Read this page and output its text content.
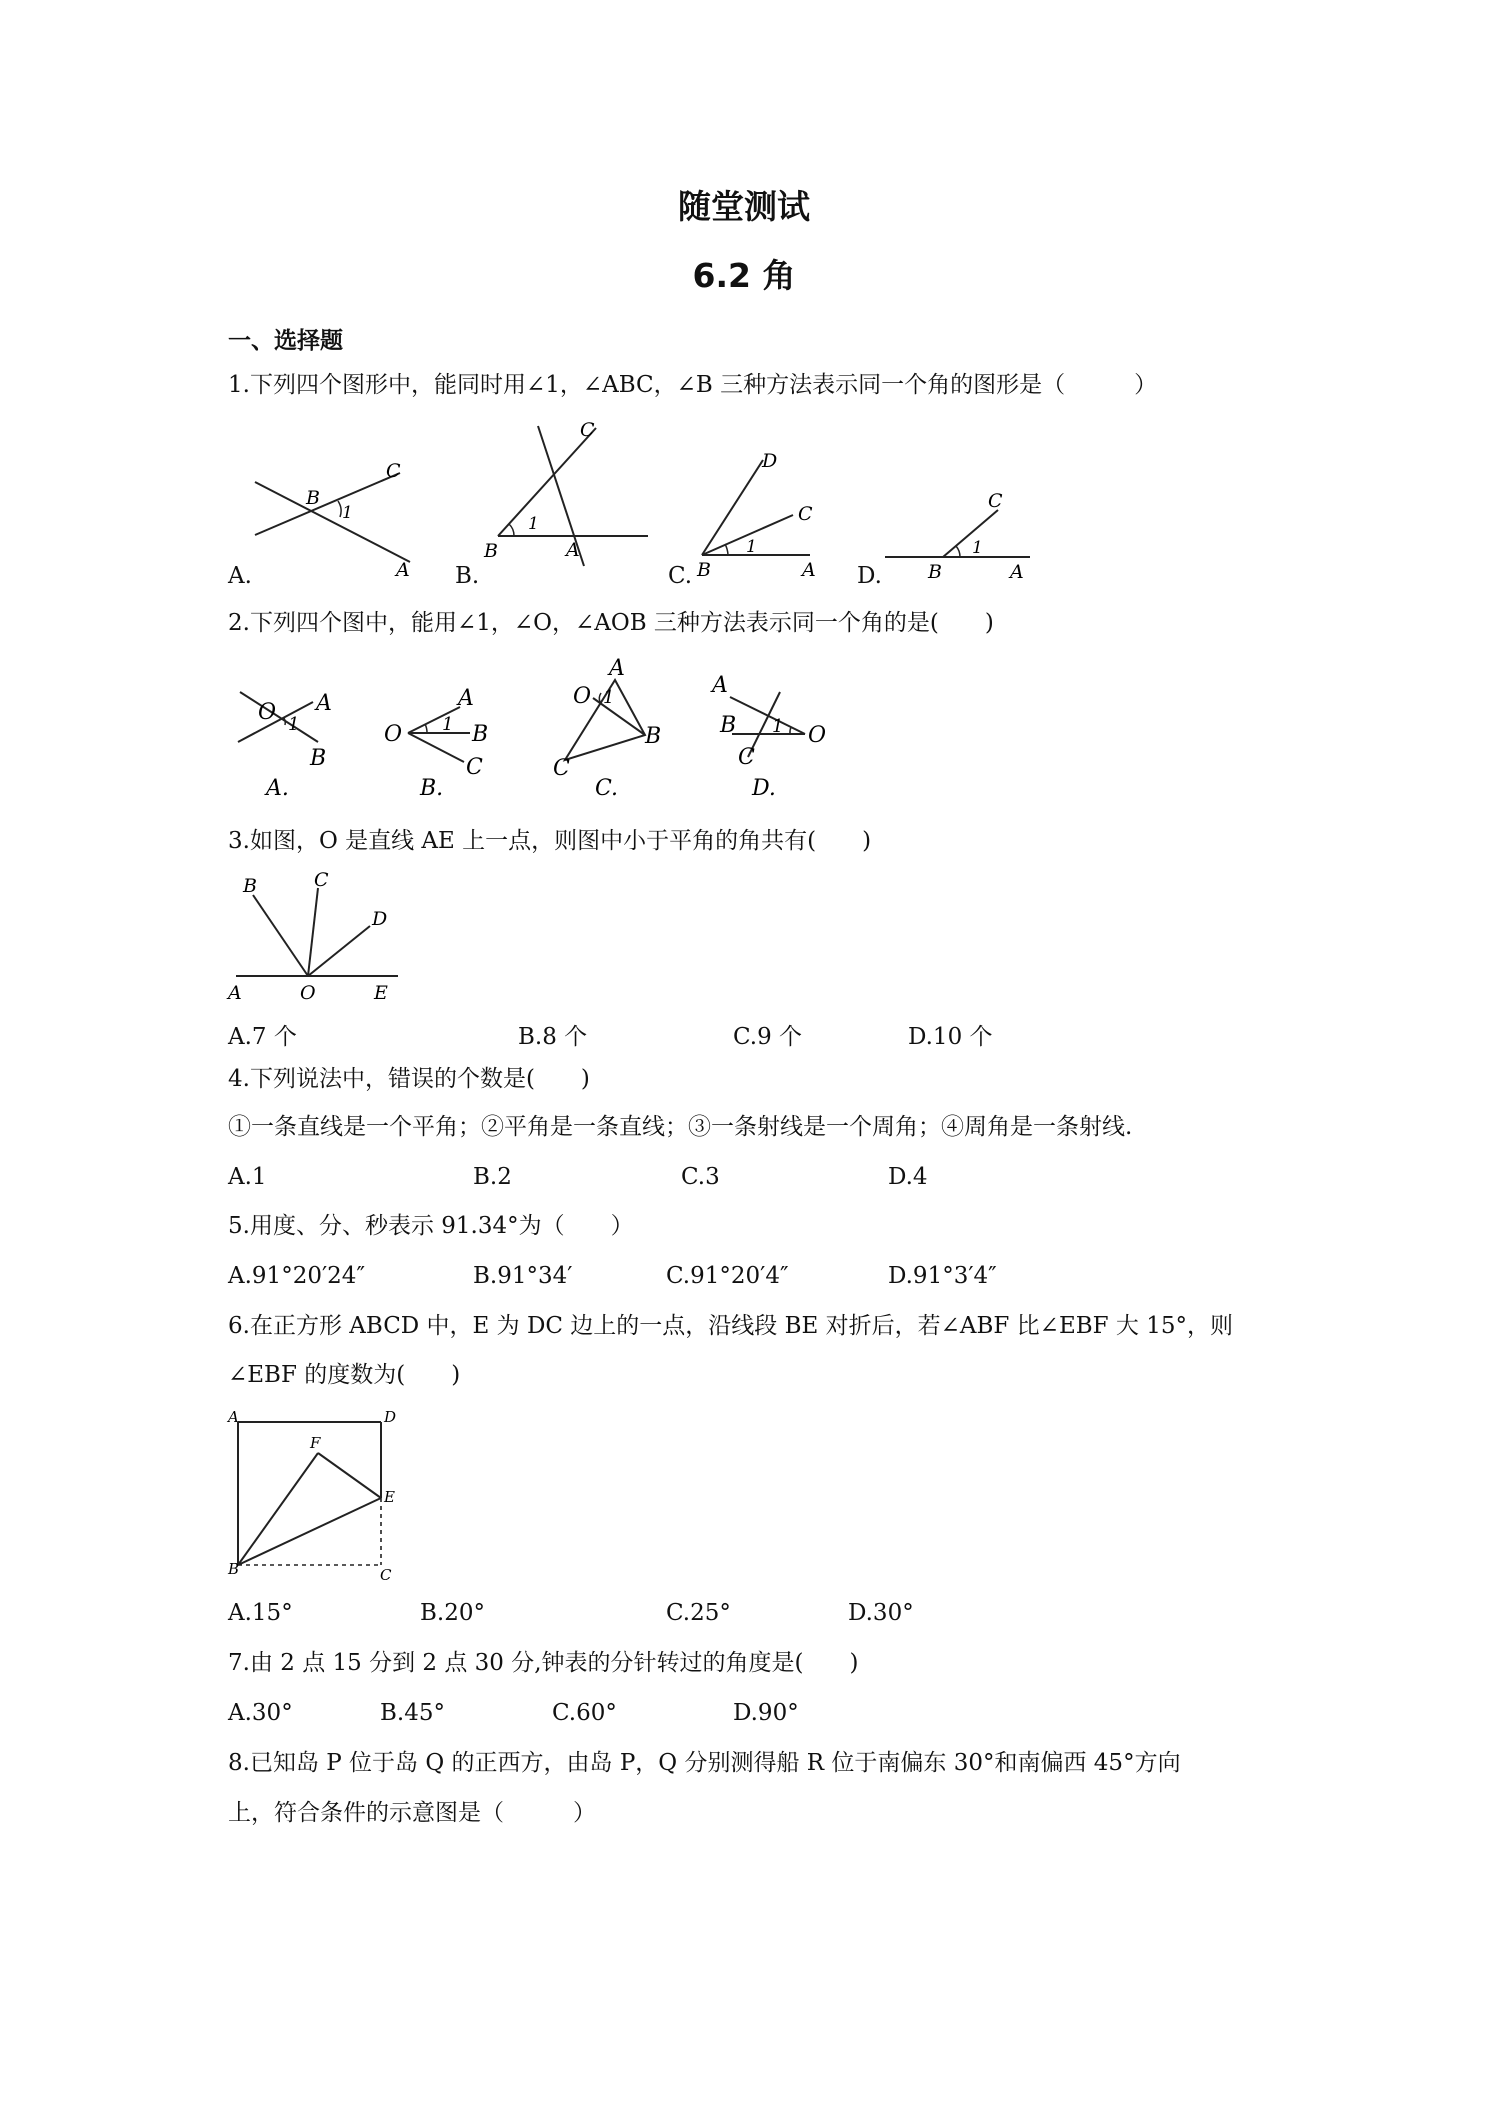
随堂测试
6.2 角
一、选择题
1.下列四个图形中，能同时用∠1，∠ABC，∠B 三种方法表示同一个角的图形是（　　　）
B
C
1
A
A.
C
1
B	A
B.
D
C
1
B	A
C.
C
1
B	A
D.
2.下列四个图中，能用∠1，∠O，∠AOB 三种方法表示同一个角的是(　　)
O 1
A
B
A.
O
A
1 B
C
B.
A
O 1
B
C
C.
A
B 1 O
C
D.
3.如图，O 是直线 AE 上一点，则图中小于平角的角共有(　　)
B	C
D
A	O	E
A.7 个	B.8 个	C.9 个	D.10 个
4.下列说法中，错误的个数是(　　)
①一条直线是一个平角；②平角是一条直线；③一条射线是一个周角；④周角是一条射线.
A.1	B.2	C.3	D.4
5.用度、分、秒表示 91.34°为（　　）
A.91°20′24″	B.91°34′	C.91°20′4″	D.91°3′4″
6.在正方形 ABCD 中，E 为 DC 边上的一点，沿线段 BE 对折后，若∠ABF 比∠EBF 大 15°，则
∠EBF 的度数为(　　)
A	D
F
E
B	C
A.15°	B.20°	C.25°	D.30°
7.由 2 点 15 分到 2 点 30 分,钟表的分针转过的角度是(　　)
A.30°	B.45°	C.60°	D.90°
8.已知岛 P 位于岛 Q 的正西方，由岛 P，Q 分别测得船 R 位于南偏东 30°和南偏西 45°方向
上，符合条件的示意图是（　　　）
